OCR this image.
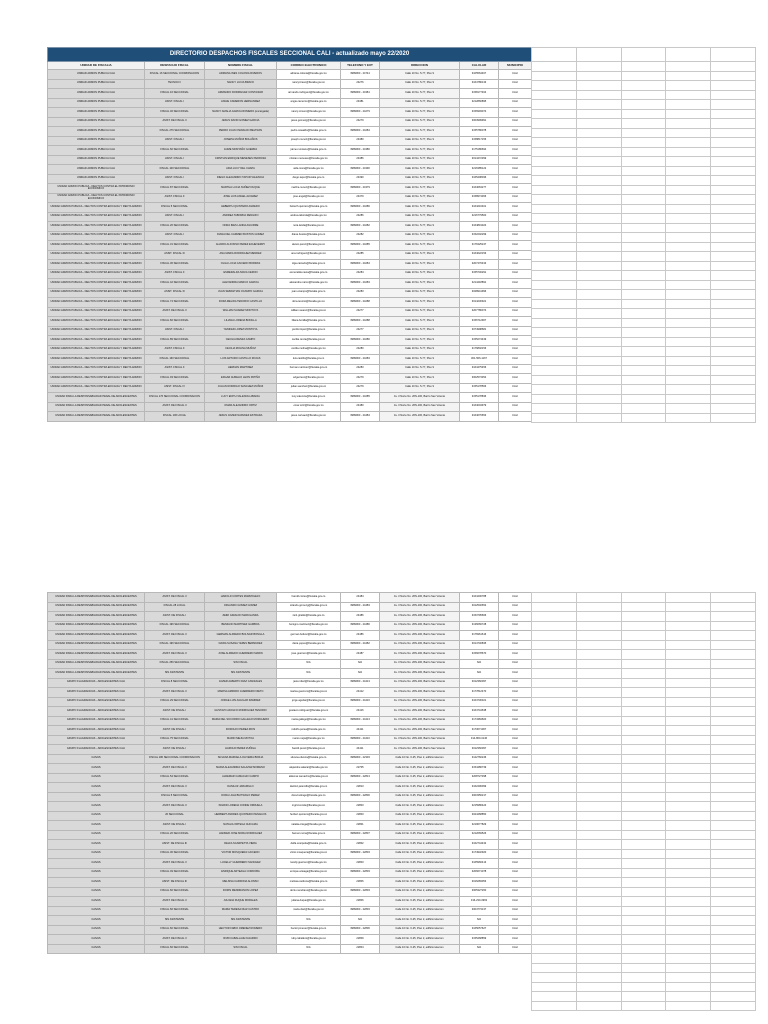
DIRECTORIO DESPACHOS FISCALES SECCIONAL CALI - actualizado mayo 22/2020							
UNIDAD DE FISCALIA	DESPACHO FISCAL	NOMBRE FISCAL	CORREO ELECTRONICO	TELEFONO Y EXT	DIRECCION	CALULAR	MUNICIPIO
UNIDAD ADMON PUBLICA CALI	FISCAL 16 SECCIONAL COORDINACION	ADRIANA INES COLONIA RIVEROS	adriana.colonia@fiscalia.gov.co	3989960 - 24744	Calle 10 No. 5-77, Piso 9	3105564467	CALI
UNIDAD ADMON PUBLICA CALI	TECNICO I	NANCY LUCIA BRAVO	nancy.bravo@fiscalia.gov.co	24276	Calle 10 No. 5-77, Piso 9	3164786133	CALI
UNIDAD ADMON PUBLICA CALI	FISCAL 16 SECCIONAL	ARMANDO RODRIGUEZ CONTAIZAR	armando.rodriguez@fiscalia.gov.co	3989960 - 24381	Calle 10 No. 5-77, Piso 9	3158177464	CALI
UNIDAD ADMON PUBLICA CALI	ASIST. FISCAL I	ANGIE CAMERON HERNANDEZ	angie.cameron@fiscalia.gov.co	24381	Calle 10 No. 5-77, Piso 9	3212866895	CALI
UNIDAD ADMON PUBLICA CALI	FISCAL 46 SECCIONAL	NANCY AMALIA GARCIA ROMERO (encargada)	nancy.romero@fiscalia.gov.co	3989960 - 24279	Calle 10 No. 5-77, Piso 9	3156993074	CALI
UNIDAD ADMON PUBLICA CALI	ASIST. DE FISCAL II	JESUS DAVID GOMEZ GARCIA	jesus.gomezg@fiscalia.gov.co	24279	Calle 10 No. 5-77, Piso 9	3003999991	CALI
UNIDAD ADMON PUBLICA CALI	FISCAL 276 SECCIONAL	PEDRO JUAN OSWALDO BELTRAN	pedro.oswaldo@fiscalia.gov.co	3989960 - 24284	Calle 10 No. 5-77, Piso 9	3155786078	CALI
UNIDAD ADMON PUBLICA CALI	ASIST. FISCAL I	JOSEPH MUÑOZ BOLAÑOS	joseph.munoz@fiscalia.gov.co	24380	Calle 10 No. 5-77, Piso 9	3158817156	CALI
UNIDAD ADMON PUBLICA CALI	FISCAL 60 SECCIONAL	JAIME MONTAÑO GUERRA	jaime.montano@fiscalia.gov.co	3989960 - 24386	Calle 10 No. 5-77, Piso 9	3175186694	CALI
UNIDAD ADMON PUBLICA CALI	ASIST. FISCAL I	CRISTIAN ENRIQUE MENESES PEDROZA	cristian.meneses@fiscalia.gov.co	24386	Calle 10 No. 5-77, Piso 9	3014472399	CALI
UNIDAD ADMON PUBLICA CALI	FISCAL 100 SECCIONAL	AIDA LUCY DEL CHAPA	aida.mora@fiscalia.gov.co	3989960 - 24390	Calle 10 No. 5-77, Piso 9	3216385122	CALI
UNIDAD ADMON PUBLICA CALI	ASIST. FISCAL I	DIEGO ALEJANDRO TAPUR VALENCIA	diego.tapur@fiscalia.gov.co	24390	Calle 10 No. 5-77, Piso 9	3165408036	CALI
UNIDAD ADMON PUBLICA - DELITOS CONTRA EL PATRIMONIO ECONOMICO	FISCAL 87 SECCIONAL	MARTHA LUCIA NUÑEZ DUQUE	martha.nunez@fiscalia.gov.co	3989960 - 24379	Calle 10 No. 5-77, Piso 9	3164663277	CALI
UNIDAD ADMON PUBLICA - DELITOS CONTRA EL PATRIMONIO ECONOMICO	ASIST. FISCAL II	JOSE LUIS ANGEL ALVAREZ	jose.angel@fiscalia.gov.co	24379	Calle 10 No. 5-77, Piso 9	3158974366	CALI
UNIDAD ADMON PUBLICA - DELITOS CONTRA EFICACIA Y RECTA ADMON	FISCAL 5 SECCIONAL	HEBERTH QUINTERO AGREDO	heberth.quintero@fiscalia.gov.co	3989960 - 24286	Calle 10 No. 5-77, Piso 9	3164216401	CALI
UNIDAD ADMON PUBLICA - DELITOS CONTRA EFICACIA Y RECTA ADMON	ASIST. FISCAL I	ANDREA TABORDA RENGIFO	andrea.taborda@fiscalia.gov.co	24286	Calle 10 No. 5-77, Piso 9	3216779500	CALI
UNIDAD ADMON PUBLICA - DELITOS CONTRA EFICACIA Y RECTA ADMON	FISCAL 26 SECCIONAL	NORA INES LANDA AGUIRRE	nora.landa@fiscalia.gov.co	3989960 - 24282	Calle 10 No. 5-77, Piso 9	3164819324	CALI
UNIDAD ADMON PUBLICA - DELITOS CONTRA EFICACIA Y RECTA ADMON	ASIST. FISCAL I	DIANA DEL CARMEN BUSTOS GOMEZ	diana.bustos@fiscalia.gov.co	24282	Calle 10 No. 5-77, Piso 9	3152202299	CALI
UNIDAD ADMON PUBLICA - DELITOS CONTRA EFICACIA Y RECTA ADMON	FISCAL 31 SECCIONAL	ALVARO ALFONSO PEREZ ECHEVERRY	alvaro.perez@fiscalia.gov.co	3989960 - 24285	Calle 10 No. 5-77, Piso 9	3176325247	CALI
UNIDAD ADMON PUBLICA - DELITOS CONTRA EFICACIA Y RECTA ADMON	ASIST. FISCAL III	ANA MARIA RODRIGUEZ MENDEZ	ana.rodriguez@fiscalia.gov.co	24285	Calle 10 No. 5-77, Piso 9	3164622156	CALI
UNIDAD ADMON PUBLICA - DELITOS CONTRA EFICACIA Y RECTA ADMON	FISCAL 36 SECCIONAL	OLGA LUCIA CAICEDO BORRAS	olga.caicedo@fiscalia.gov.co	3989960 - 24284	Calle 10 No. 5-77, Piso 9	3207476433	CALI
UNIDAD ADMON PUBLICA - DELITOS CONTRA EFICACIA Y RECTA ADMON	ASIST. FISCAL II	ESMERALDA NAVIA CERON	esmeralda.navia@fiscalia.gov.co	24284	Calle 10 No. 5-77, Piso 9	3155746291	CALI
UNIDAD ADMON PUBLICA - DELITOS CONTRA EFICACIA Y RECTA ADMON	FISCAL 42 SECCIONAL	ALEXANDRA MARCO GARCIA	alexandra.marco@fiscalia.gov.co	3989960 - 24283	Calle 10 No. 5-77, Piso 9	3214418891	CALI
UNIDAD ADMON PUBLICA - DELITOS CONTRA EFICACIA Y RECTA ADMON	ASIST. FISCAL III	JUAN SEBASTIAN OCAMPO GARCIA	juan.ocampo@fiscalia.gov.co	24283	Calle 10 No. 5-77, Piso 9	3028941996	CALI
UNIDAD ADMON PUBLICA - DELITOS CONTRA EFICACIA Y RECTA ADMON	FISCAL 74 SECCIONAL	DORA MELIDA TENORIO CASTILLO	dora.tenorio@fiscalia.gov.co	3989960 - 24288	Calle 10 No. 5-77, Piso 9	3014230921	CALI
UNIDAD ADMON PUBLICA - DELITOS CONTRA EFICACIA Y RECTA ADMON	ASIST. DE FISCAL II	WILLIAM SUAREZ MONTOYA	william.suarez@fiscalia.gov.co	24277	Calle 10 No. 5-77, Piso 9	3207786074	CALI
UNIDAD ADMON PUBLICA - DELITOS CONTRA EFICACIA Y RECTA ADMON	FISCAL 82 SECCIONAL	LILIANA LORENA BONILLA	liliana.bonilla@fiscalia.gov.co	3989960 - 24288	Calle 10 No. 5-77, Piso 9	3156712907	CALI
UNIDAD ADMON PUBLICA - DELITOS CONTRA EFICACIA Y RECTA ADMON	ASIST. FISCAL I	YENIFER LOPEZ MONTOYA	yenifer.lopez@fiscalia.gov.co	24277	Calle 10 No. 5-77, Piso 9	3074998681	CALI
UNIDAD ADMON PUBLICA - DELITOS CONTRA EFICACIA Y RECTA ADMON	FISCAL 89 SECCIONAL	CECILIA RENZA CAMPO	cecilia.renza@fiscalia.gov.co	3989960 - 24280	Calle 10 No. 5-77, Piso 9	3155274439	CALI
UNIDAD ADMON PUBLICA - DELITOS CONTRA EFICACIA Y RECTA ADMON	ASIST. FISCAL II	CECILIA MOLINA MUÑOZ	cecilia.molina@fiscalia.gov.co	24280	Calle 10 No. 5-77, Piso 9	3176802156	CALI
UNIDAD ADMON PUBLICA - DELITOS CONTRA EFICACIA Y RECTA ADMON	FISCAL 160 SECCIONAL	LUIS ARTURO CASTILLO ROJAS	luis.castillo@fiscalia.gov.co	3989960 - 24283	Calle 10 No. 5-77, Piso 9	301-506-1167	CALI
UNIDAD ADMON PUBLICA - DELITOS CONTRA EFICACIA Y RECTA ADMON	ASIST. FISCAL II	HERNAN MARTINEZ	hernan.martinez@fiscalia.gov.co	24283	Calle 10 No. 5-77, Piso 9	3164475456	CALI
UNIDAD ADMON PUBLICA - DELITOS CONTRA EFICACIA Y RECTA ADMON	FISCAL 93 SECCIONAL	EDGAR AURELIO LEON PATIÑO	edgar.leon@fiscalia.gov.co	24279	Calle 10 No. 5-77, Piso 9	3002573354	CALI
UNIDAD ADMON PUBLICA - DELITOS CONTRA EFICACIA Y RECTA ADMON	ASIST. FISCAL IV	JULIAN RODRIGO SANCHEZ MUÑOZ	julian.sanchez@fiscalia.gov.co	24279	Calle 10 No. 5-77, Piso 9	3155178566	CALI
UNIDAD PARA LA RESPONSABILIDAD PENAL DE ADOLESCENTES	FISCAL 176 SECCIONAL COORDINACION	LUCY EDITH VALENCIA ABADIA	lucy.valencia@fiscalia.gov.co	3989960 - 24285	Av. 3 Norte No. 26N-100, Barrio San Vicente	3155178836	CALI
UNIDAD PARA LA RESPONSABILIDAD PENAL DE ADOLESCENTES	ASIST. DE FISCAL II	OMAR ALEJANDRO ORTIZ	omar.ortiz@fiscalia.gov.co	24480	Av. 3 Norte No. 26N-100, Barrio San Vicente	3164004979	CALI
UNIDAD PARA LA RESPONSABILIDAD PENAL DE ADOLESCENTES	FISCAL 106 LOCAL	JESUS JAVIER NARVAEZ ESTRADA	jesus.narvaez@fiscalia.gov.co	3989960 - 24484	Av. 3 Norte No. 26N-100, Barrio San Vicente	3164076653	CALI

UNIDAD PARA LA RESPONSABILIDAD PENAL DE ADOLESCENTES	ASIST. DE FISCAL II	HAROLD CORTES MARMOLEJO	harold.cortes@fiscalia.gov.co	24484	Av. 3 Norte No. 26N-100, Barrio San Vicente	3164400788	CALI
UNIDAD PARA LA RESPONSABILIDAD PENAL DE ADOLESCENTES	FISCAL 28 LOCAL	ORLANDO GOMEZ GOMEZ	orlando.gomezg@fiscalia.gov.co	3989960 - 24483	Av. 3 Norte No. 26N-100, Barrio San Vicente	3012540652	CALI
UNIDAD PARA LA RESPONSABILIDAD PENAL DE ADOLESCENTES	ASIST. DE FISCAL I	ZEIRI GIRALDO MARULANDA	zeiri.giraldo@fiscalia.gov.co	24486	Av. 3 Norte No. 26N-100, Barrio San Vicente	3153795666	CALI
UNIDAD PARA LA RESPONSABILIDAD PENAL DE ADOLESCENTES	FISCAL 196 SECCIONAL	BENIGNO MARTINEZ GAMBOA	benigno.martinez@fiscalia.gov.co	3989960 - 24486	Av. 3 Norte No. 26N-100, Barrio San Vicente	3136666728	CALI
UNIDAD PARA LA RESPONSABILIDAD PENAL DE ADOLESCENTES	ASIST. DE FISCAL II	GERMAN ALFREDO BOLIVAR BONILLA	german.bolivar@fiscalia.gov.co	24486	Av. 3 Norte No. 26N-100, Barrio San Vicente	3176961616	CALI
UNIDAD PARA LA RESPONSABILIDAD PENAL DE ADOLESCENTES	FISCAL 196 SECCIONAL	DAIRA SUSANA YEPES BERMUDEZ	daira.yepes@fiscalia.gov.co	3989960 - 24482	Av. 3 Norte No. 26N-100, Barrio San Vicente	3014746835	CALI
UNIDAD PARA LA RESPONSABILIDAD PENAL DE ADOLESCENTES	ASIST. DE FISCAL II	JOSE ALFREDO GUERRERO MARIN	jose.guerrero@fiscalia.gov.co	24487	Av. 3 Norte No. 26N-100, Barrio San Vicente	3156678670	CALI
UNIDAD PARA LA RESPONSABILIDAD PENAL DE ADOLESCENTES	FISCAL 256 SECCIONAL	SIN FISCAL	N/A	N/A	Av. 3 Norte No. 26N-100, Barrio San Vicente	N/A	CALI
UNIDAD PARA LA RESPONSABILIDAD PENAL DE ADOLESCENTES	SIN ASISTENTE	SIN ASISTENTE	N/A	N/A	Av. 3 Norte No. 26N-100, Barrio San Vicente	N/A	CALI
GRUPO FLAGRANCIAS - ADOLESCENTES CALI	FISCAL 8 SECCIONAL	JAVIER ALBERTO DIAZ CANIZALES	javier.diaz@fiscalia.gov.co	3989960 - 24413	Av. 3 Norte No. 26N-100, Barrio San Vicente	3012360097	CALI
GRUPO FLAGRANCIAS - ADOLESCENTES CALI	ASIST. DE FISCAL II	MARISA AMPARO GUERRERO NIETO	marisa.guerrero@fiscalia.gov.co	24412	Av. 3 Norte No. 26N-100, Barrio San Vicente	3177812470	CALI
GRUPO FLAGRANCIAS - ADOLESCENTES CALI	FISCAL 29 SECCIONAL	JORGE LUIS AGUILAR RAMIREZ	jorge.aguilar@fiscalia.gov.co	3989960 - 24416	Av. 3 Norte No. 26N-100, Barrio San Vicente	3164730321	CALI
GRUPO FLAGRANCIAS - ADOLESCENTES CALI	ASIST. DE FISCAL I	GUSTAVO ADOLFO RODRIGUEZ TENORIO	gustavo.rodriguez@fiscalia.gov.co	24416	Av. 3 Norte No. 26N-100, Barrio San Vicente	3164744638	CALI
GRUPO FLAGRANCIAS - ADOLESCENTES CALI	FISCAL 41 SECCIONAL	MARIA DEL SOCORRO GALLEGO MORGUERO	maria.gallego@fiscalia.gov.co	3989960 - 24413	Av. 3 Norte No. 26N-100, Barrio San Vicente	3174384600	CALI
GRUPO FLAGRANCIAS - ADOLESCENTES CALI	ASIST. DE FISCAL I	RODOLFO PEREA RIOS	rodolfo.perea@fiscalia.gov.co	24411	Av. 3 Norte No. 26N-100, Barrio San Vicente	3173071067	CALI
GRUPO FLAGRANCIAS - ADOLESCENTES CALI	FISCAL 75 SECCIONAL	MARIO MEJIA MOTOA	mario.mejia@fiscalia.gov.co	3989960 - 24410	Av. 3 Norte No. 26N-100, Barrio San Vicente	314-860-3146	CALI
GRUPO FLAGRANCIAS - ADOLESCENTES CALI	ASIST. DE FISCAL I	HAROLD PEREZ ZUÑIGA	harold.perez@fiscalia.gov.co	24411	Av. 3 Norte No. 26N-100, Barrio San Vicente	3012360097	CALI
CAIVAS	FISCAL 180 SECCIONAL COORDINACION	SILVANA MARCELA OLIVEIRA BORJA	silvana.oliveira@fiscalia.gov.co	3989960 - 22303	Calle 10 No. 6-25, Piso 2, edificio telecom	3122760246	CALI
CAIVAS	ASIST. DE FISCAL II	MARIA ALEJANDRA SALAZAR MORENO	alejandra.salazar@fiscalia.gov.co	22705	Calle 10 No. 6-25, Piso 2, edificio telecom	3154480739	CALI
CAIVAS	FISCAL 54 SECCIONAL	ALDEMAR CAMACHO CAMPO	aldemar.camacho@fiscalia.gov.co	3989960 - 22813	Calle 10 No. 6-25, Piso 2, edificio telecom	3208727398	CALI
CAIVAS	ASIST. DE FISCAL II	DANILUZ JARAMILLO	daniluz.jaramillo@fiscalia.gov.co	22813	Calle 10 No. 6-25, Piso 2, edificio telecom	3162496099	CALI
CAIVAS	FISCAL 5 SECCIONAL	DORA LIGIA BUITRAGO PEREZ	dora.buitrago@fiscalia.gov.co	3989960 - 22800	Calle 10 No. 6-25, Piso 2, edificio telecom	3003356217	CALI
CAIVAS	ASIST. DE FISCAL II	INGRID LORENA CONDE ORDUELA	ingrid.conde@fiscalia.gov.co	22803	Calle 10 No. 6-25, Piso 2, edificio telecom	3215986424	CALI
CAIVAS	20 SECCIONAL	HERBERT ANDRES QUINTERO PENAGOS	herbert.quintero@fiscalia.gov.co	22803	Calle 10 No. 6-25, Piso 2, edificio telecom	3024468850	CALI
CAIVAS	ASIST. DE FISCAL I	NATALIA ORTEGA CHICAIZA	natalia.ortega@fiscalia.gov.co	22801	Calle 10 No. 6-25, Piso 2, edificio telecom	3219677829	CALI
CAIVAS	FISCAL 20 SECCIONAL	HANNER JOSE MORA RODRIGUEZ	hanner.mora@fiscalia.gov.co	3989960 - 22807	Calle 10 No. 6-25, Piso 2, edificio telecom	3212669526	CALI
CAIVAS	ASIST. DE FISCAL III	DELFA SCARPETTA VIERA	delfa.scarpetta@fiscalia.gov.co	22802	Calle 10 No. 6-25, Piso 2, edificio telecom	3162744432	CALI
CAIVAS	FISCAL 30 SECCIONAL	VICTOR MOSQUERA CAICEDO	victor.mosquera@fiscalia.gov.co	3989960 - 22803	Calle 10 No. 6-25, Piso 2, edificio telecom	3174932920	CALI
CAIVAS	ASIST. DE FISCAL II	LUCELLY GUERRERO SANCHEZ	lucelly.guerrero@fiscalia.gov.co	22803	Calle 10 No. 6-25, Piso 2, edificio telecom	3165966413	CALI
CAIVAS	FISCAL 49 SECCIONAL	ENRIQUE ARTEAGA CORDOBA	enrique.arteaga@fiscalia.gov.co	3989960 - 22803	Calle 10 No. 6-25, Piso 2, edificio telecom	3206671078	CALI
CAIVAS	ASIST. DE FISCAL III	MELISSA CARDONA ALONSO	melissa.cardona@fiscalia.gov.co	22806	Calle 10 No. 6-25, Piso 2, edificio telecom	3016283053	CALI
CAIVAS	FISCAL 60 SECCIONAL	DORIS MENDRANON LOPEZ	doris.mendrano@fiscalia.gov.co	3989960 - 22803	Calle 10 No. 6-25, Piso 2, edificio telecom	3005327260	CALI
CAIVAS	ASIST. DE FISCAL II	JULIANA DUQUE MORALES	juliana.duque@fiscalia.gov.co	22806	Calle 10 No. 6-25, Piso 2, edificio telecom	316-230-3963	CALI
CAIVAS	FISCAL 66 SECCIONAL	MARIA TERESA DIAZ CASTRO	maria.diaz@fiscalia.gov.co	3989960 - 22803	Calle 10 No. 6-25, Piso 2, edificio telecom	3004773137	CALI
CAIVAS	SIN ASISTENTE	SIN ASISTENTE	N/A	N/A	Calle 10 No. 6-25, Piso 2, edificio telecom	N/A	CALI
CAIVAS	FISCAL 60 SECCIONAL	HECTOR FABIO JIMENEZ ROMERO	hector.jimenez@fiscalia.gov.co	3989960 - 22806	Calle 10 No. 6-25, Piso 2, edificio telecom	3165057627	CALI
CAIVAS	ASIST. DE FISCAL II	RUBI CABALLAJE FAJARDO	ruby.caballero@fiscalia.gov.co	22809	Calle 10 No. 6-25, Piso 2, edificio telecom	3155468859	CALI
CAIVAS	FISCAL 66 SECCIONAL	SIN FISCAL	N/A	22804	Calle 10 No. 6-25, Piso 2, edificio telecom	N/A	CALI
